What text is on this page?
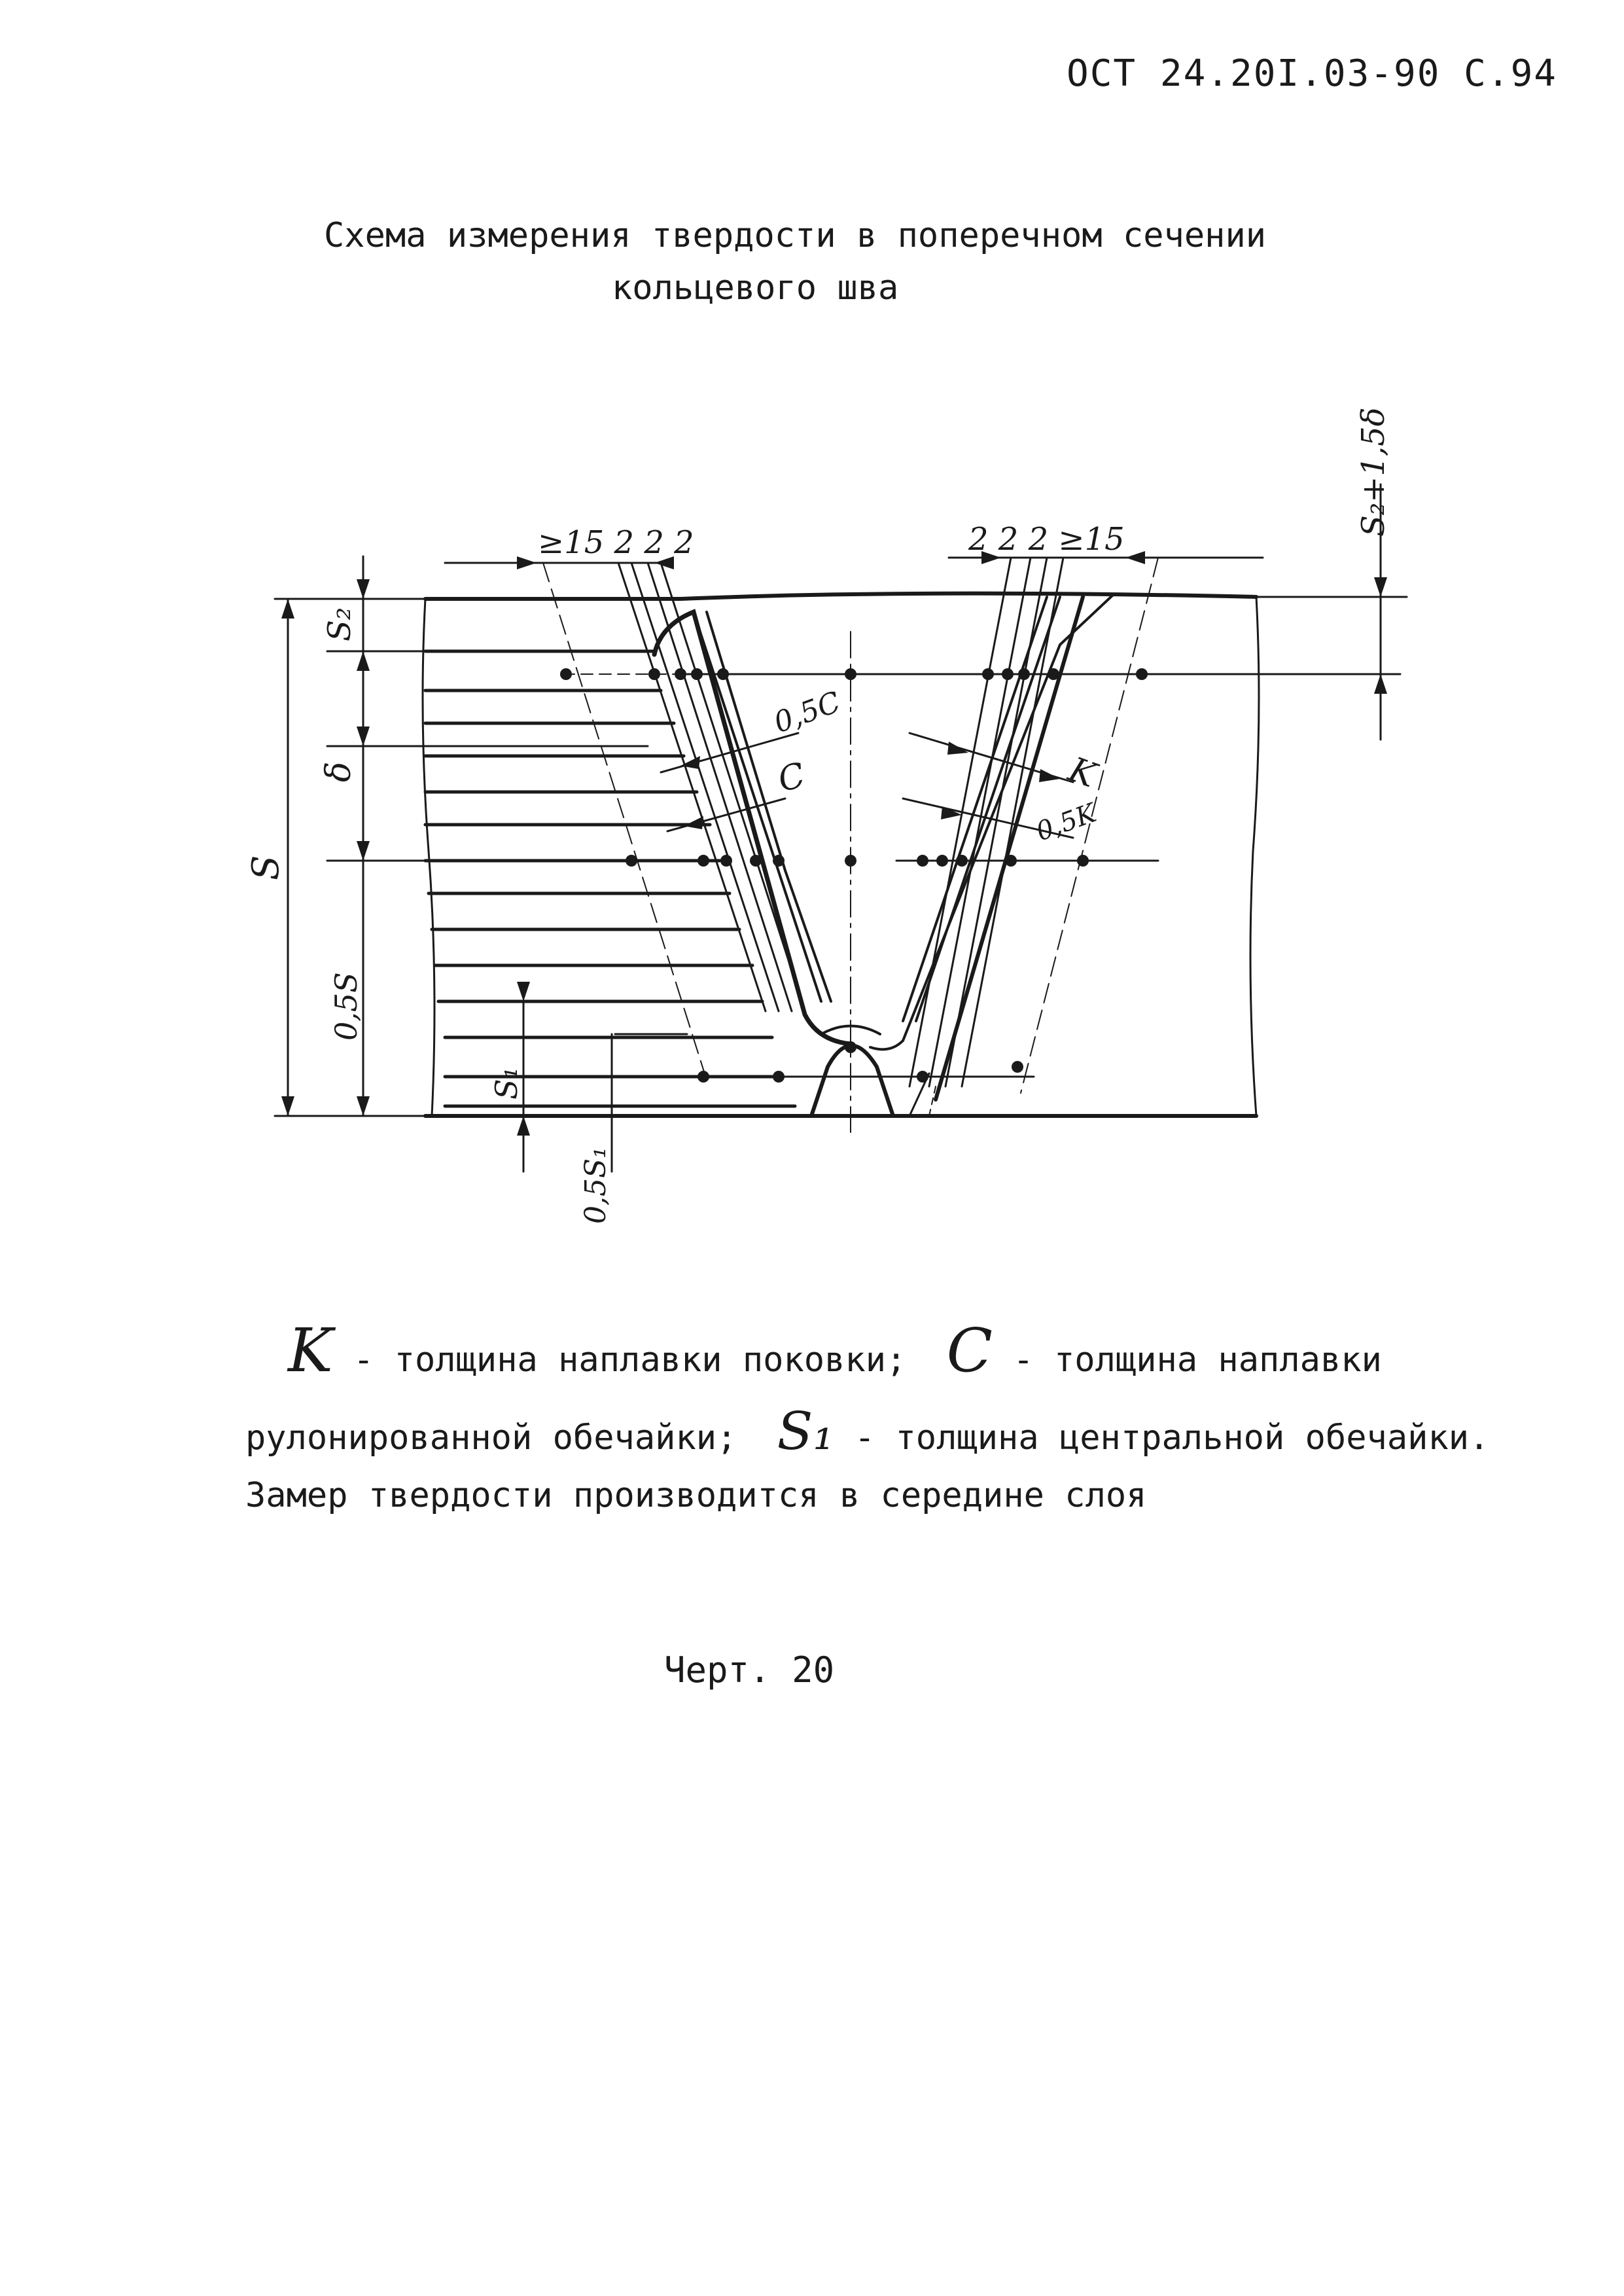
ОСТ 24.20I.03-90 С.94
Схема измерения твердости в поперечном сечении
кольцевого шва
≥15 2 2 2	2 2 2 ≥15
S₂+1,5δ
S₂
δ
S
0,5S
S₁
0,5S₁
0,5C
C	K
0,5K
K - толщина наплавки поковки; C - толщина наплавки
рулонированной обечайки; S₁ - толщина центральной обечайки.
Замер твердости производится в середине слоя
Черт. 20
